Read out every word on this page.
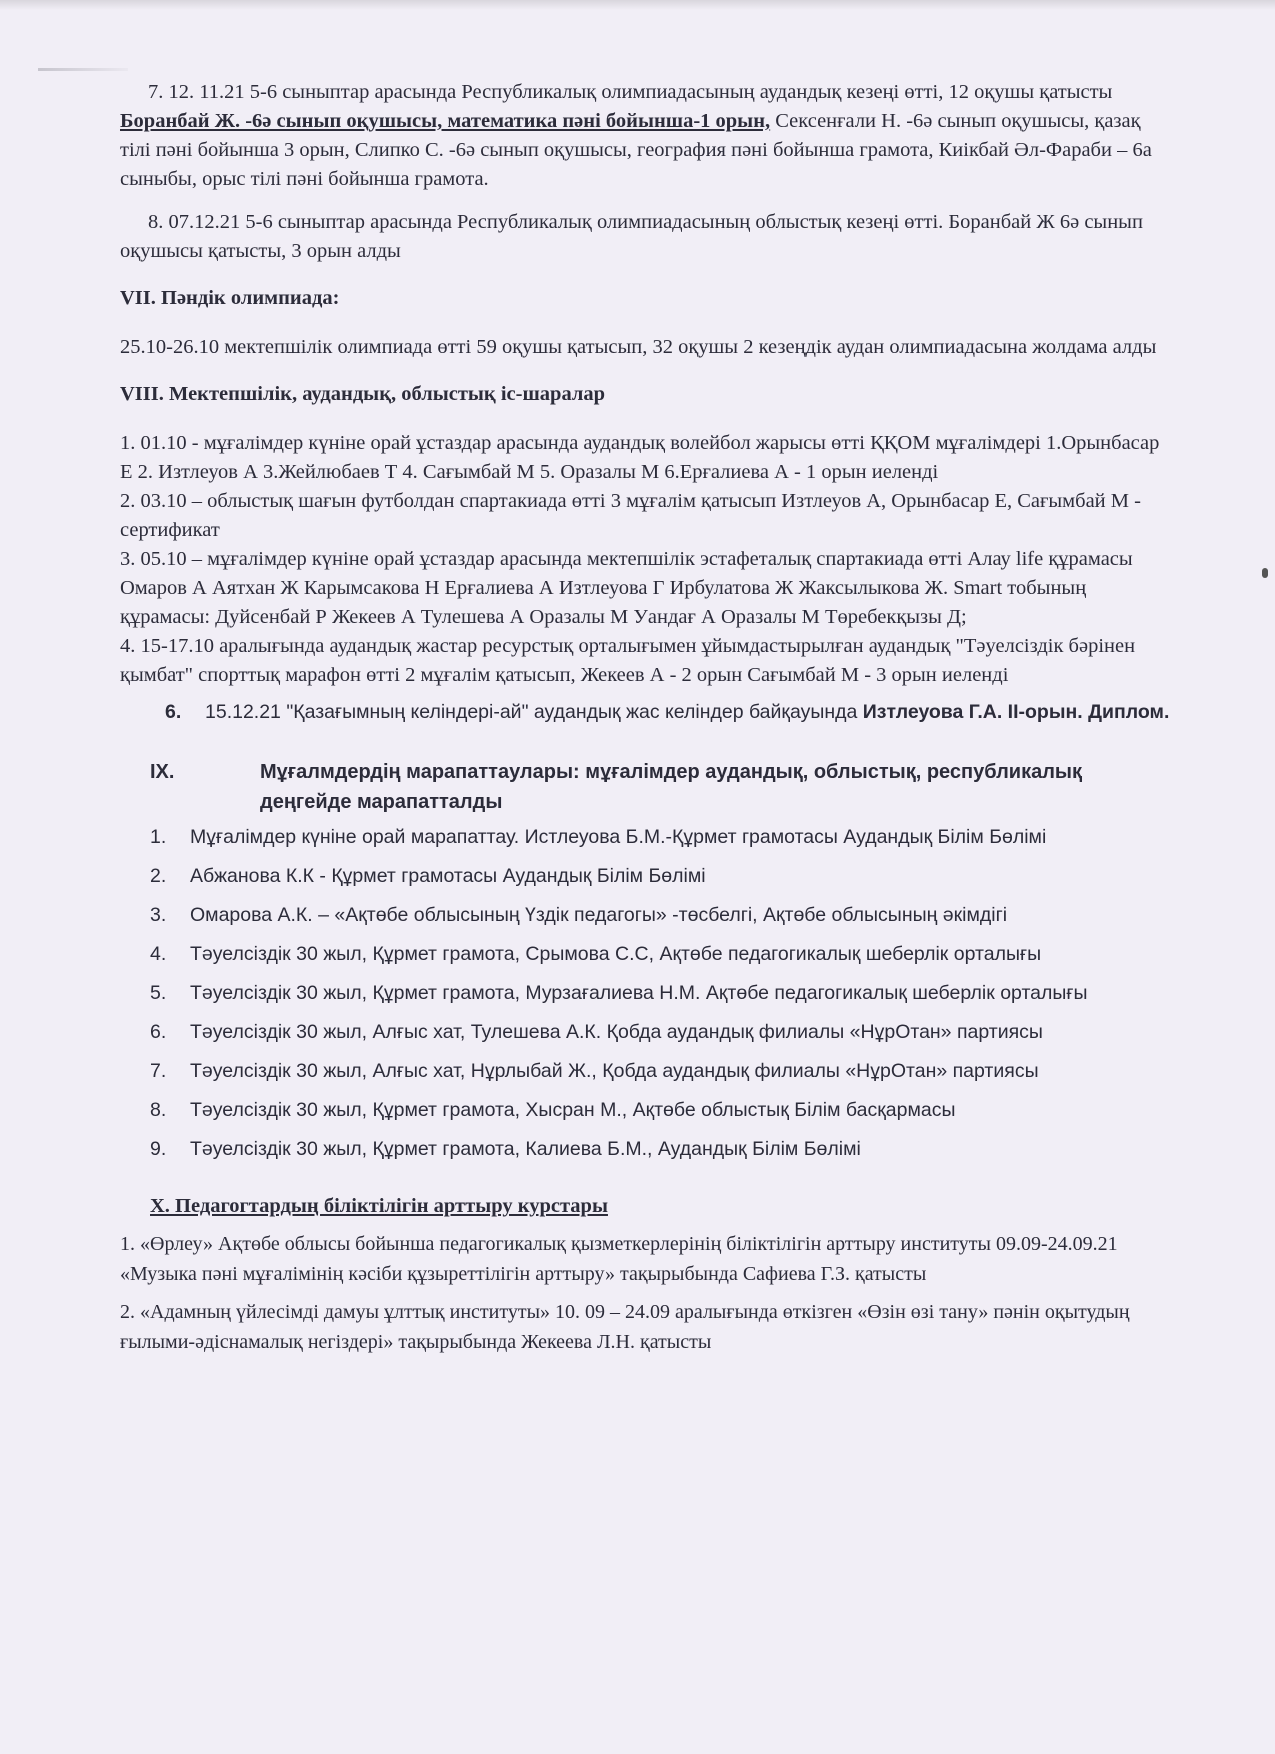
7. 12. 11.21 5-6 сыныптар арасында Республикалық олимпиадасының аудандық кезеңі өтті, 12 оқушы қатысты Боранбай Ж. -6ә сынып оқушысы, математика пәні бойынша-1 орын, Сексенғали Н. -6ә сынып оқушысы, қазақ тілі пәні бойынша 3 орын, Слипко С. -6ә сынып оқушысы, география пәні бойынша грамота, Киікбай Әл-Фараби – 6а сыныбы, орыс тілі пәні бойынша грамота.

8. 07.12.21 5-6 сыныптар арасында Республикалық олимпиадасының облыстық кезеңі өтті. Боранбай Ж 6ә сынып оқушысы қатысты, 3 орын алды

VII. Пәндік олимпиада:

25.10-26.10 мектепшілік олимпиада өтті 59 оқушы қатысып, 32 оқушы 2 кезеңдік аудан олимпиадасына жолдама алды

VIII. Мектепшілік, аудандық, облыстық іс-шаралар

1. 01.10 - мұғалімдер күніне орай ұстаздар арасында аудандық волейбол жарысы өтті ҚҚОМ мұғалімдері 1.Орынбасар Е 2. Изтлеуов А 3.Жейлюбаев Т 4. Сағымбай М 5. Оразалы М 6.Ерғалиева А - 1 орын иеленді

2. 03.10 – облыстық шағын футболдан спартакиада өтті 3 мұғалім қатысып Изтлеуов А, Орынбасар Е, Сағымбай М - сертификат

3. 05.10 – мұғалімдер күніне орай ұстаздар арасында мектепшілік эстафеталық спартакиада өтті Алау life құрамасы Омаров А Аятхан Ж Карымсакова Н Ерғалиева А Изтлеуова Г Ирбулатова Ж Жаксылыкова Ж. Smart тобының құрамасы: Дуйсенбай Р Жекеев А Тулешева А Оразалы М Уандағ А Оразалы М Төребекқызы Д;

4. 15-17.10 аралығында аудандық жастар ресурстық орталығымен ұйымдастырылған аудандық "Тәуелсіздік бәрінен қымбат" спорттық марафон өтті 2 мұғалім қатысып, Жекеев А - 2 орын Сағымбай М - 3 орын иеленді

6.	15.12.21 "Қазағымның келіндері-ай" аудандық жас келіндер байқауында Изтлеуова Г.А. II-орын. Диплом.
IX.	Мұғалмдердің марапаттаулары: мұғалімдер аудандық, облыстық, республикалық деңгейде марапатталды
1.	Мұғалімдер күніне орай марапаттау. Истлеуова Б.М.-Құрмет грамотасы Аудандық Білім Бөлімі
2.	Абжанова К.К - Құрмет грамотасы Аудандық Білім Бөлімі
3.	Омарова А.К. – «Ақтөбе облысының Үздік педагогы» -төсбелгі, Ақтөбе облысының әкімдігі
4.	Тәуелсіздік 30 жыл, Құрмет грамота, Срымова С.С, Ақтөбе педагогикалық шеберлік орталығы
5.	Тәуелсіздік 30 жыл, Құрмет грамота, Мурзағалиева Н.М. Ақтөбе педагогикалық шеберлік орталығы
6.	Тәуелсіздік 30 жыл, Алғыс хат, Тулешева А.К. Қобда аудандық филиалы «НұрОтан» партиясы
7.	Тәуелсіздік 30 жыл, Алғыс хат, Нұрлыбай Ж., Қобда аудандық филиалы «НұрОтан» партиясы
8.	Тәуелсіздік 30 жыл, Құрмет грамота, Хысран М., Ақтөбе облыстық Білім басқармасы
9.	Тәуелсіздік 30 жыл, Құрмет грамота, Калиева Б.М., Аудандық Білім Бөлімі

X. Педагогтардың біліктілігін арттыру курстары

1. «Өрлеу» Ақтөбе облысы бойынша педагогикалық қызметкерлерінің біліктілігін арттыру институты 09.09-24.09.21 «Музыка пәні мұғалімінің кәсіби құзыреттілігін арттыру» тақырыбында Сафиева Г.З. қатысты

2. «Адамның үйлесімді дамуы ұлттық институты» 10. 09 – 24.09 аралығында өткізген «Өзін өзі тану» пәнін оқытудың ғылыми-әдіснамалық негіздері» тақырыбында Жекеева Л.Н. қатысты
